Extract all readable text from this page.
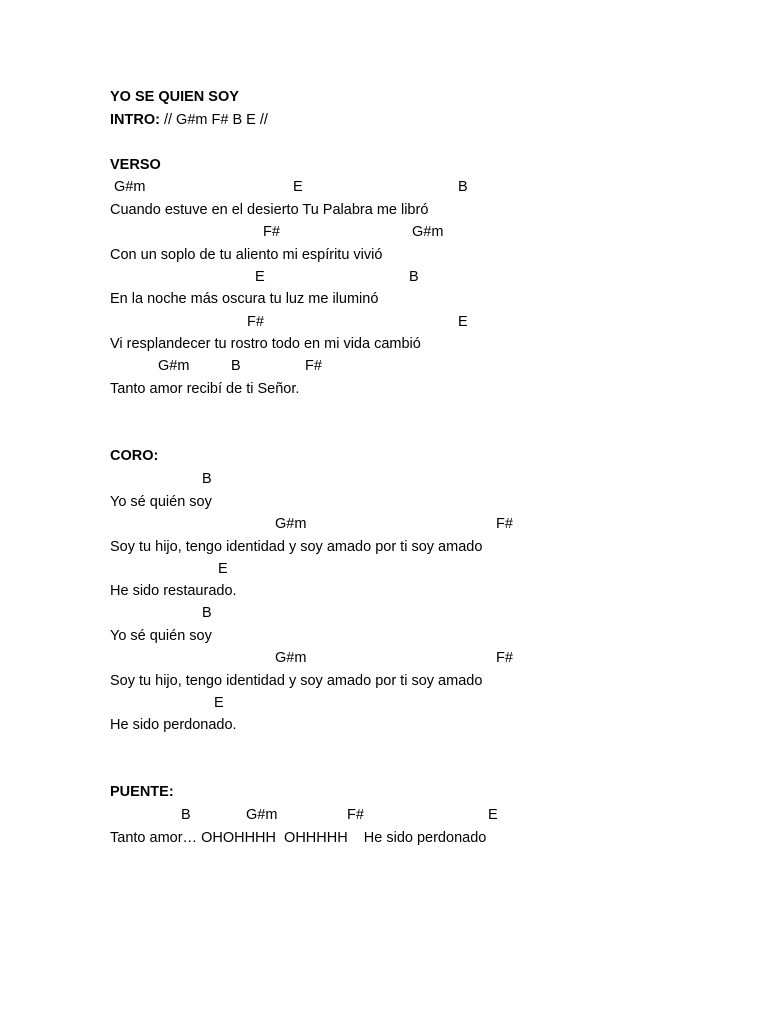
YO SE QUIEN SOY
INTRO: // G#m F# B E //
VERSO
G#m	E	B
Cuando estuve en el desierto Tu Palabra me libró
F#	G#m
Con un soplo de tu aliento mi espíritu vivió
E	B
En la noche más oscura tu luz me iluminó
F#	E
Vi resplandecer tu rostro todo en mi vida cambió
G#m	B	F#
Tanto amor recibí de ti Señor.
CORO:
B
Yo sé quién soy
G#m	F#
Soy tu hijo, tengo identidad y soy amado por ti soy amado
E
He sido restaurado.
B
Yo sé quién soy
G#m	F#
Soy tu hijo, tengo identidad y soy amado por ti soy amado
E
He sido perdonado.
PUENTE:
B	G#m	F#	E
Tanto amor… OHOHHHH  OHHHHH    He sido perdonado
